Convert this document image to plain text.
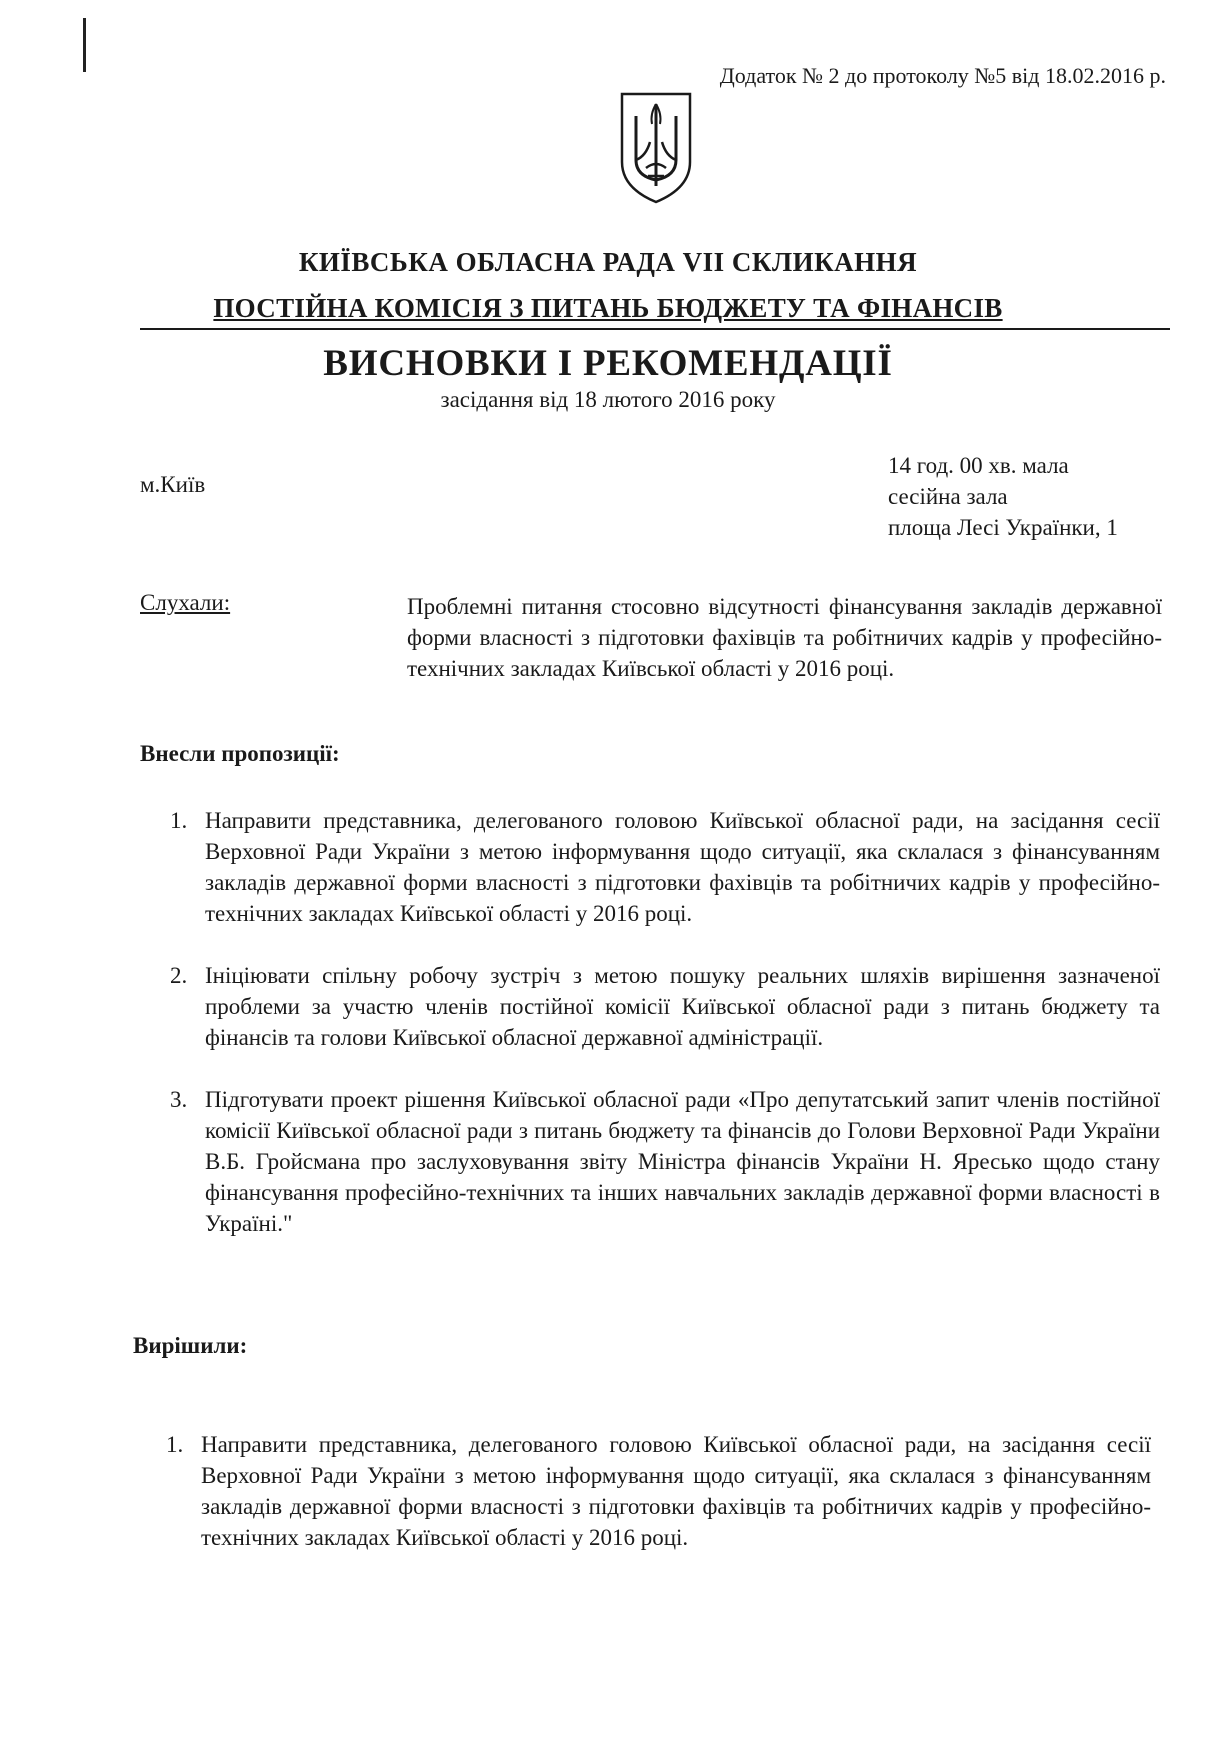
Додаток № 2 до протоколу №5 від 18.02.2016 р.
КИЇВСЬКА ОБЛАСНА РАДА VII СКЛИКАННЯ
ПОСТІЙНА КОМІСІЯ З ПИТАНЬ БЮДЖЕТУ ТА ФІНАНСІВ
ВИСНОВКИ І РЕКОМЕНДАЦІЇ
засідання від 18 лютого 2016 року
м.Київ
14 год. 00 хв. мала
сесійна зала
площа Лесі Українки, 1
Слухали:	Проблемні питання стосовно відсутності фінансування закладів державної форми власності з підготовки фахівців та робітничих кадрів у професійно-технічних закладах Київської області у 2016 році.
Внесли пропозиції:
1. Направити представника, делегованого головою Київської обласної ради, на засідання сесії Верховної Ради України з метою інформування щодо ситуації, яка склалася з фінансуванням закладів державної форми власності з підготовки фахівців та робітничих кадрів у професійно-технічних закладах Київської області у 2016 році.
2. Ініціювати спільну робочу зустріч з метою пошуку реальних шляхів вирішення зазначеної проблеми за участю членів постійної комісії Київської обласної ради з питань бюджету та фінансів та голови Київської обласної державної адміністрації.
3. Підготувати проект рішення Київської обласної ради «Про депутатський запит членів постійної комісії Київської обласної ради з питань бюджету та фінансів до Голови Верховної Ради України В.Б. Гройсмана про заслуховування звіту Міністра фінансів України Н. Яресько щодо стану фінансування професійно-технічних та інших навчальних закладів державної форми власності в Україні."
Вирішили:
1. Направити представника, делегованого головою Київської обласної ради, на засідання сесії Верховної Ради України з метою інформування щодо ситуації, яка склалася з фінансуванням закладів державної форми власності з підготовки фахівців та робітничих кадрів у професійно-технічних закладах Київської області у 2016 році.
